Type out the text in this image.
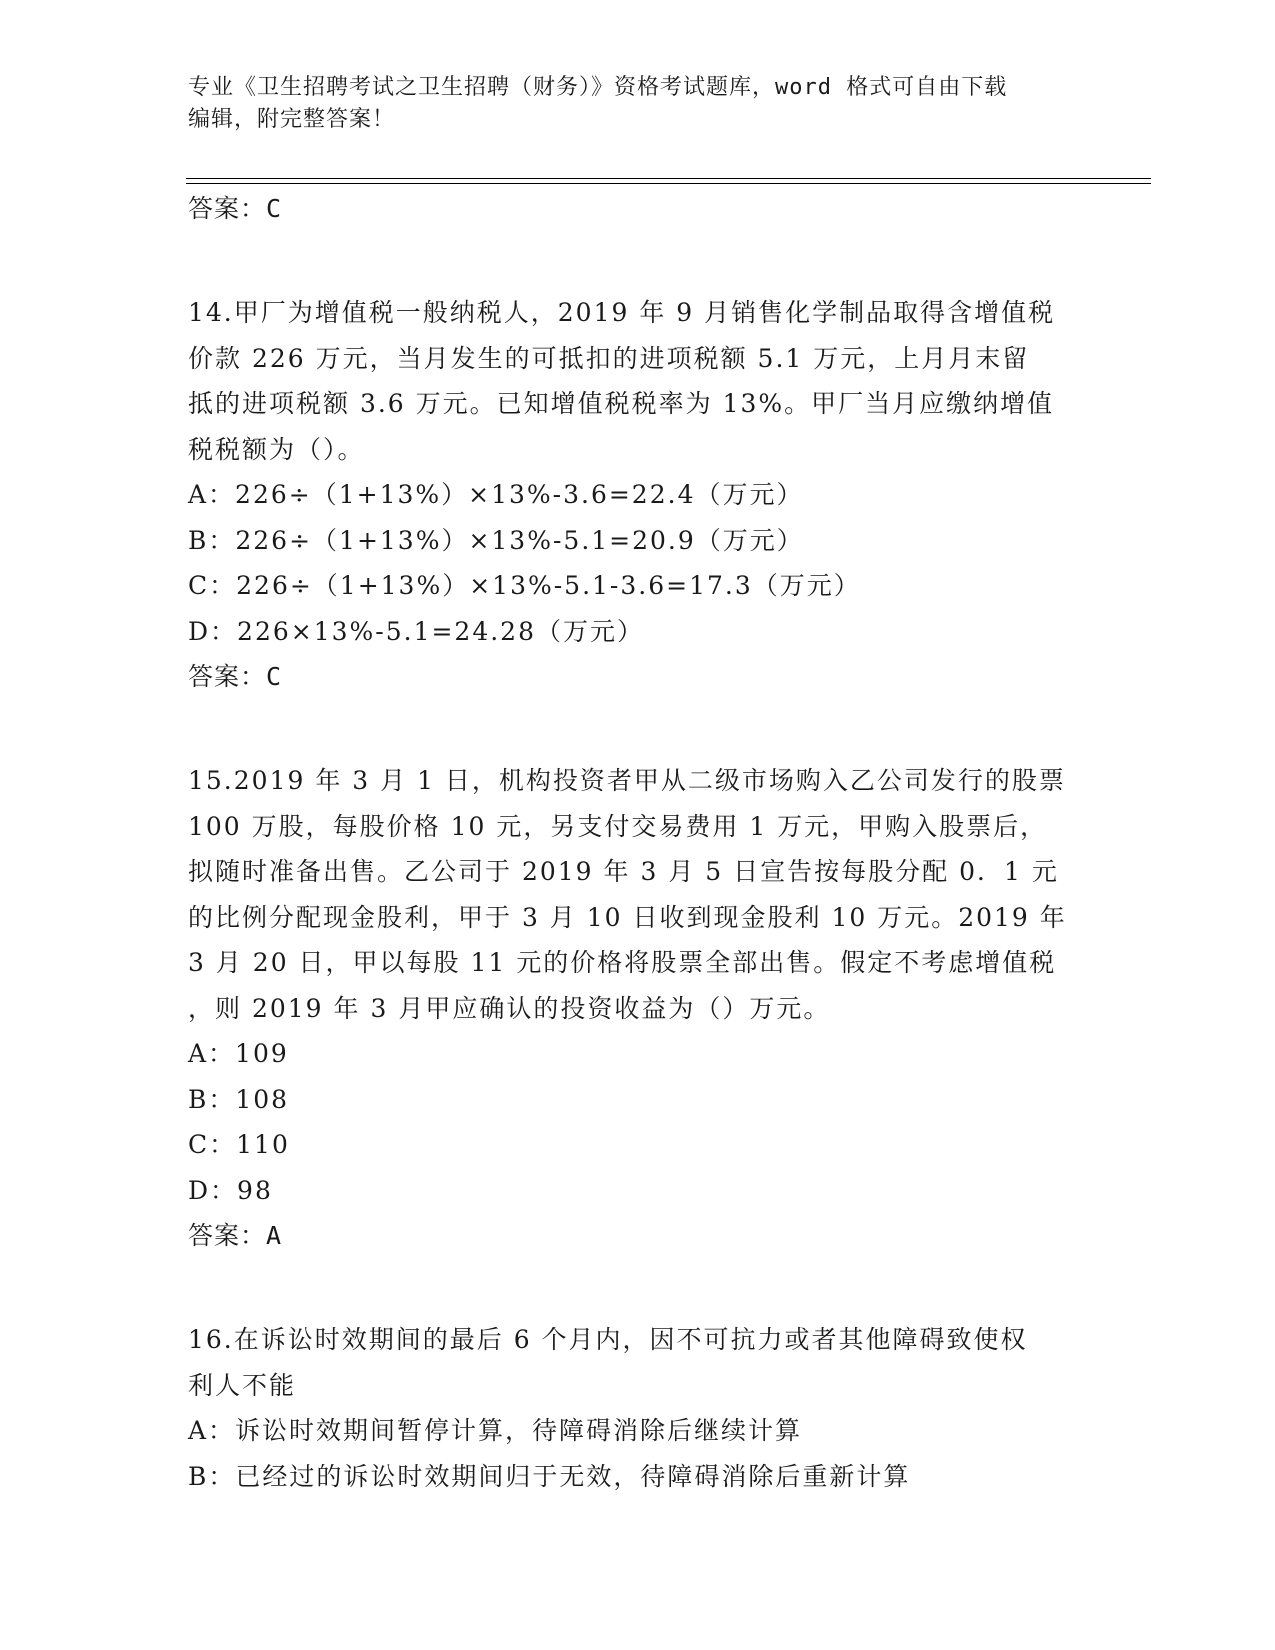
专业《卫生招聘考试之卫生招聘（财务）》资格考试题库，word 格式可自由下载
编辑，附完整答案！
答案：C
14.甲厂为增值税一般纳税人，2019 年 9 月销售化学制品取得含增值税
价款 226 万元，当月发生的可抵扣的进项税额 5.1 万元，上月月末留
抵的进项税额 3.6 万元。已知增值税税率为 13%。甲厂当月应缴纳增值
税税额为（）。
A：226÷（1+13%）×13%-3.6=22.4（万元）
B：226÷（1+13%）×13%-5.1=20.9（万元）
C：226÷（1+13%）×13%-5.1-3.6=17.3（万元）
D：226×13%-5.1=24.28（万元）
答案：C
15.2019 年 3 月 1 日，机构投资者甲从二级市场购入乙公司发行的股票
100 万股，每股价格 10 元，另支付交易费用 1 万元，甲购入股票后，
拟随时准备出售。乙公司于 2019 年 3 月 5 日宣告按每股分配 0．1 元
的比例分配现金股利，甲于 3 月 10 日收到现金股利 10 万元。2019 年
3 月 20 日，甲以每股 11 元的价格将股票全部出售。假定不考虑增值税
，则 2019 年 3 月甲应确认的投资收益为（）万元。
A：109
B：108
C：110
D：98
答案：A
16.在诉讼时效期间的最后 6 个月内，因不可抗力或者其他障碍致使权
利人不能
A：诉讼时效期间暂停计算，待障碍消除后继续计算
B：已经过的诉讼时效期间归于无效，待障碍消除后重新计算
